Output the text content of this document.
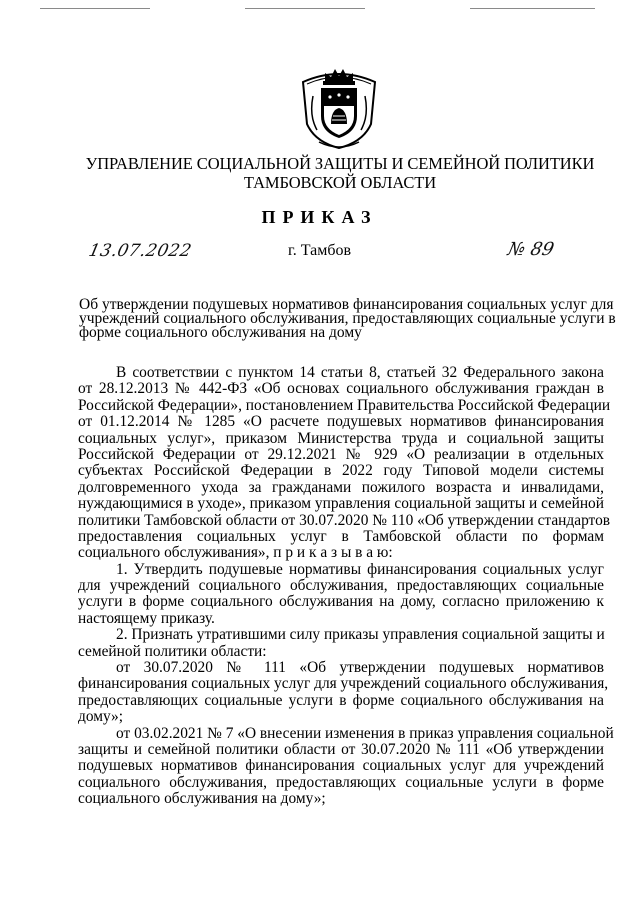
УПРАВЛЕНИЕ СОЦИАЛЬНОЙ ЗАЩИТЫ И СЕМЕЙНОЙ ПОЛИТИКИ
ТАМБОВСКОЙ ОБЛАСТИ
ПРИКАЗ
13.07.2022	г. Тамбов	№ 89
Об утверждении подушевых нормативов финансирования социальных услуг для
учреждений социального обслуживания, предоставляющих социальные услуги в
форме социального обслуживания на дому
В соответствии с пунктом 14 статьи 8, статьей 32 Федерального закона
от 28.12.2013 № 442-ФЗ «Об основах социального обслуживания граждан в
Российской Федерации», постановлением Правительства Российской Федерации
от 01.12.2014 № 1285 «О расчете подушевых нормативов финансирования
социальных услуг», приказом Министерства труда и социальной защиты
Российской Федерации от 29.12.2021 № 929 «О реализации в отдельных
субъектах Российской Федерации в 2022 году Типовой модели системы
долговременного ухода за гражданами пожилого возраста и инвалидами,
нуждающимися в уходе», приказом управления социальной защиты и семейной
политики Тамбовской области от 30.07.2020 № 110 «Об утверждении стандартов
предоставления социальных услуг в Тамбовской области по формам
социального обслуживания», п р и к а з ы в а ю:
1. Утвердить подушевые нормативы финансирования социальных услуг
для учреждений социального обслуживания, предоставляющих социальные
услуги в форме социального обслуживания на дому, согласно приложению к
настоящему приказу.
2. Признать утратившими силу приказы управления социальной защиты и
семейной политики области:
от 30.07.2020 № 111 «Об утверждении подушевых нормативов
финансирования социальных услуг для учреждений социального обслуживания,
предоставляющих социальные услуги в форме социального обслуживания на
дому»;
от 03.02.2021 № 7 «О внесении изменения в приказ управления социальной
защиты и семейной политики области от 30.07.2020 № 111 «Об утверждении
подушевых нормативов финансирования социальных услуг для учреждений
социального обслуживания, предоставляющих социальные услуги в форме
социального обслуживания на дому»;
